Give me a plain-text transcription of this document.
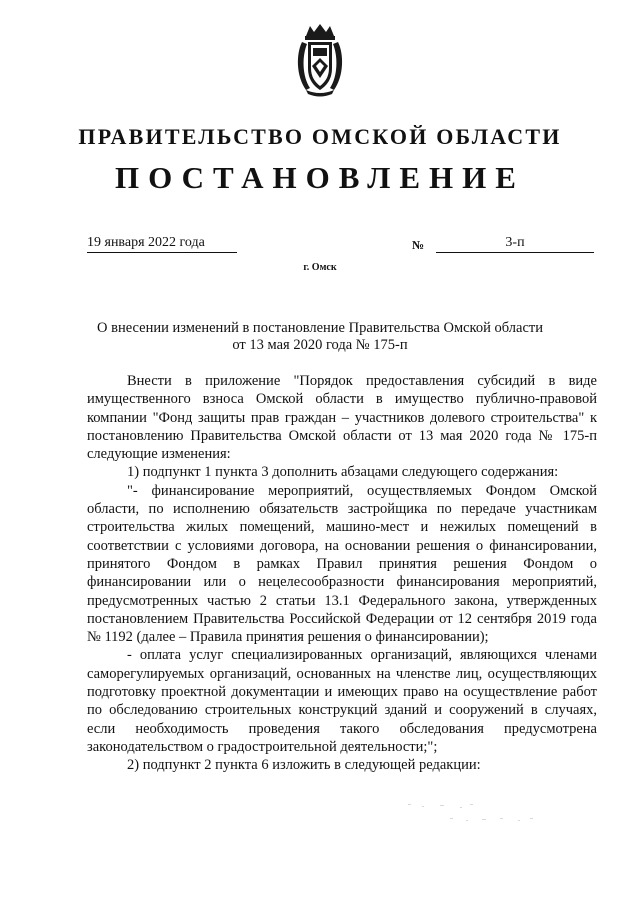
ПРАВИТЕЛЬСТВО ОМСКОЙ ОБЛАСТИ
ПОСТАНОВЛЕНИЕ
19 января 2022 года	№	3-п
г. Омск
О внесении изменений в постановление Правительства Омской области
от 13 мая 2020 года № 175-п

Внести в приложение "Порядок предоставления субсидий в виде имущественного взноса Омской области в имущество публично-правовой компании "Фонд защиты прав граждан – участников долевого строительства" к постановлению Правительства Омской области от 13 мая 2020 года № 175-п следующие изменения:

1) подпункт 1 пункта 3 дополнить абзацами следующего содержания:

"- финансирование мероприятий, осуществляемых Фондом Омской области, по исполнению обязательств застройщика по передаче участникам строительства жилых помещений, машино-мест и нежилых помещений в соответствии с условиями договора, на основании решения о финансировании, принятого Фондом в рамках Правил принятия решения Фондом о финансировании или о нецелесообразности финансирования мероприятий, предусмотренных частью 2 статьи 13.1 Федерального закона, утвержденных постановлением Правительства Российской Федерации от 12 сентября 2019 года № 1192 (далее – Правила принятия решения о финансировании);

- оплата услуг специализированных организаций, являющихся членами саморегулируемых организаций, основанных на членстве лиц, осуществляющих подготовку проектной документации и имеющих право на осуществление работ по обследованию строительных конструкций зданий и сооружений в случаях, если необходимость проведения такого обследования предусмотрена законодательством о градостроительной деятельности;";

2) подпункт 2 пункта 6 изложить в следующей редакции:
